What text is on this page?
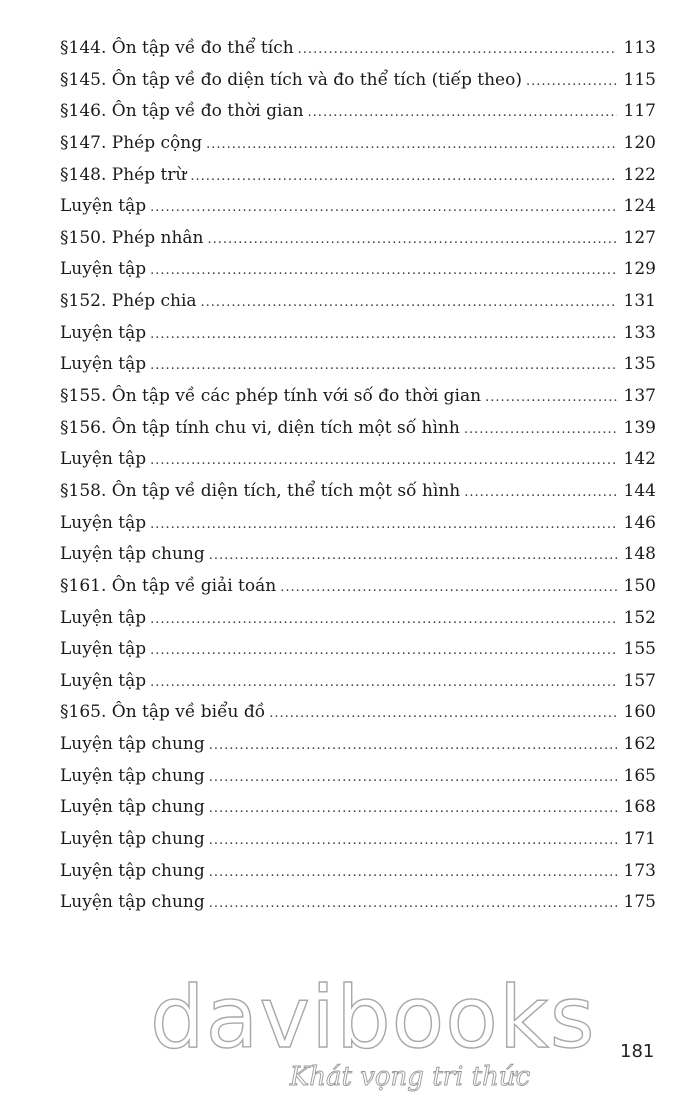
§144. Ôn tập về đo thể tích .....	113
§145. Ôn tập về đo diện tích và đo thể tích (tiếp theo) .....	115
§146. Ôn tập về đo thời gian .....	117
§147. Phép cộng .....	120
§148. Phép trừ .....	122
Luyện tập .....	124
§150. Phép nhân .....	127
Luyện tập .....	129
§152. Phép chia .....	131
Luyện tập .....	133
Luyện tập .....	135
§155. Ôn tập về các phép tính với số đo thời gian .....	137
§156. Ôn tập tính chu vi, diện tích một số hình .....	139
Luyện tập .....	142
§158. Ôn tập về diện tích, thể tích một số hình .....	144
Luyện tập .....	146
Luyện tập chung .....	148
§161. Ôn tập về giải toán .....	150
Luyện tập .....	152
Luyện tập .....	155
Luyện tập .....	157
§165. Ôn tập về biểu đồ .....	160
Luyện tập chung .....	162
Luyện tập chung .....	165
Luyện tập chung .....	168
Luyện tập chung .....	171
Luyện tập chung .....	173
Luyện tập chung .....	175
davibooks
Khát vọng tri thức
181
